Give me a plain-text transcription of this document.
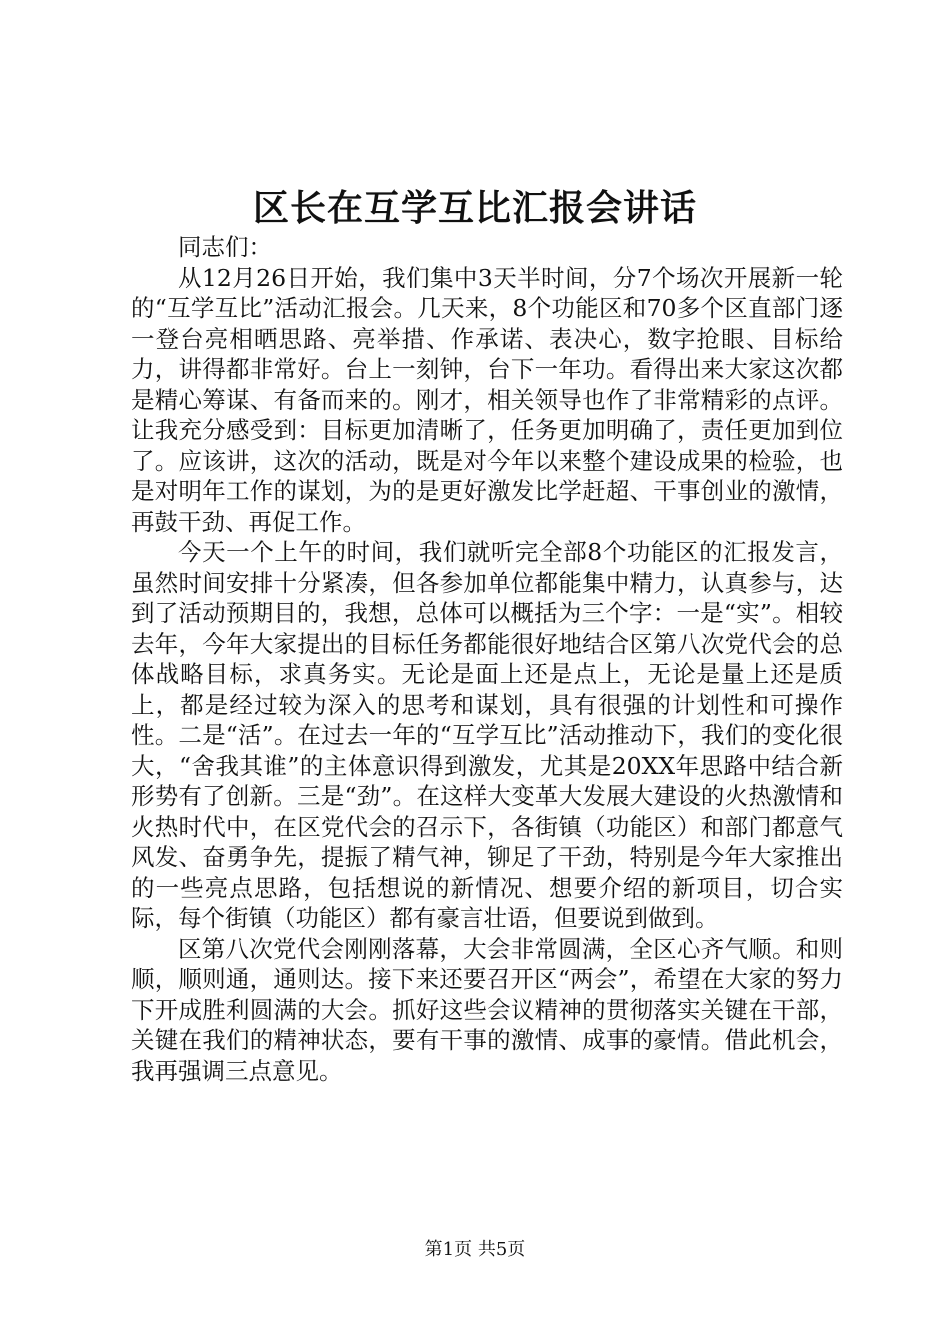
区长在互学互比汇报会讲话

同志们：

从12月26日开始，我们集中3天半时间，分7个场次开展新一轮的“互学互比”活动汇报会。几天来，8个功能区和70多个区直部门逐一登台亮相晒思路、亮举措、作承诺、表决心，数字抢眼、目标给力，讲得都非常好。台上一刻钟，台下一年功。看得出来大家这次都是精心筹谋、有备而来的。刚才，相关领导也作了非常精彩的点评。让我充分感受到：目标更加清晰了，任务更加明确了，责任更加到位了。应该讲，这次的活动，既是对今年以来整个建设成果的检验，也是对明年工作的谋划，为的是更好激发比学赶超、干事创业的激情，再鼓干劲、再促工作。

今天一个上午的时间，我们就听完全部8个功能区的汇报发言，虽然时间安排十分紧凑，但各参加单位都能集中精力，认真参与，达到了活动预期目的，我想，总体可以概括为三个字：一是“实”。相较去年，今年大家提出的目标任务都能很好地结合区第八次党代会的总体战略目标，求真务实。无论是面上还是点上，无论是量上还是质上，都是经过较为深入的思考和谋划，具有很强的计划性和可操作性。二是“活”。在过去一年的“互学互比”活动推动下，我们的变化很大，“舍我其谁”的主体意识得到激发，尤其是20XX年思路中结合新形势有了创新。三是“劲”。在这样大变革大发展大建设的火热激情和火热时代中，在区党代会的召示下，各街镇（功能区）和部门都意气风发、奋勇争先，提振了精气神，铆足了干劲，特别是今年大家推出的一些亮点思路，包括想说的新情况、想要介绍的新项目，切合实际，每个街镇（功能区）都有豪言壮语，但要说到做到。

区第八次党代会刚刚落幕，大会非常圆满，全区心齐气顺。和则顺，顺则通，通则达。接下来还要召开区“两会”，希望在大家的努力下开成胜利圆满的大会。抓好这些会议精神的贯彻落实关键在干部，关键在我们的精神状态，要有干事的激情、成事的豪情。借此机会，我再强调三点意见。

第1页 共5页
